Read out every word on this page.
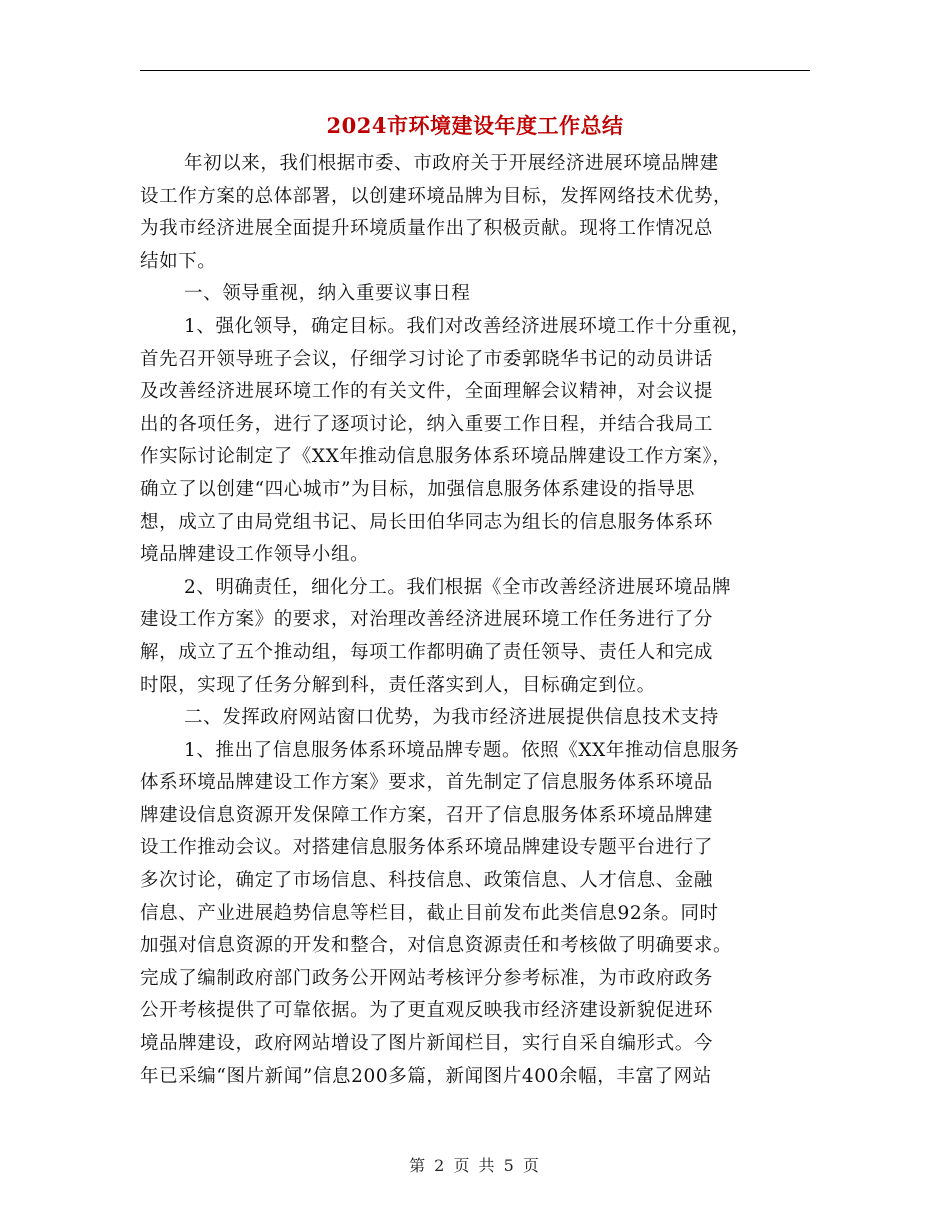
2024市环境建设年度工作总结
年初以来，我们根据市委、市政府关于开展经济进展环境品牌建
设工作方案的总体部署，以创建环境品牌为目标，发挥网络技术优势，
为我市经济进展全面提升环境质量作出了积极贡献。现将工作情况总
结如下。
一、领导重视，纳入重要议事日程
1、强化领导，确定目标。我们对改善经济进展环境工作十分重视，
首先召开领导班子会议，仔细学习讨论了市委郭晓华书记的动员讲话
及改善经济进展环境工作的有关文件，全面理解会议精神，对会议提
出的各项任务，进行了逐项讨论，纳入重要工作日程，并结合我局工
作实际讨论制定了《XX年推动信息服务体系环境品牌建设工作方案》，
确立了以创建“四心城市”为目标，加强信息服务体系建设的指导思
想，成立了由局党组书记、局长田伯华同志为组长的信息服务体系环
境品牌建设工作领导小组。
2、明确责任，细化分工。我们根据《全市改善经济进展环境品牌
建设工作方案》的要求，对治理改善经济进展环境工作任务进行了分
解，成立了五个推动组，每项工作都明确了责任领导、责任人和完成
时限，实现了任务分解到科，责任落实到人，目标确定到位。
二、发挥政府网站窗口优势，为我市经济进展提供信息技术支持
1、推出了信息服务体系环境品牌专题。依照《XX年推动信息服务
体系环境品牌建设工作方案》要求，首先制定了信息服务体系环境品
牌建设信息资源开发保障工作方案，召开了信息服务体系环境品牌建
设工作推动会议。对搭建信息服务体系环境品牌建设专题平台进行了
多次讨论，确定了市场信息、科技信息、政策信息、人才信息、金融
信息、产业进展趋势信息等栏目，截止目前发布此类信息92条。同时
加强对信息资源的开发和整合，对信息资源责任和考核做了明确要求。
完成了编制政府部门政务公开网站考核评分参考标准，为市政府政务
公开考核提供了可靠依据。为了更直观反映我市经济建设新貌促进环
境品牌建设，政府网站增设了图片新闻栏目，实行自采自编形式。今
年已采编“图片新闻”信息200多篇，新闻图片400余幅，丰富了网站
第 2 页 共 5 页
